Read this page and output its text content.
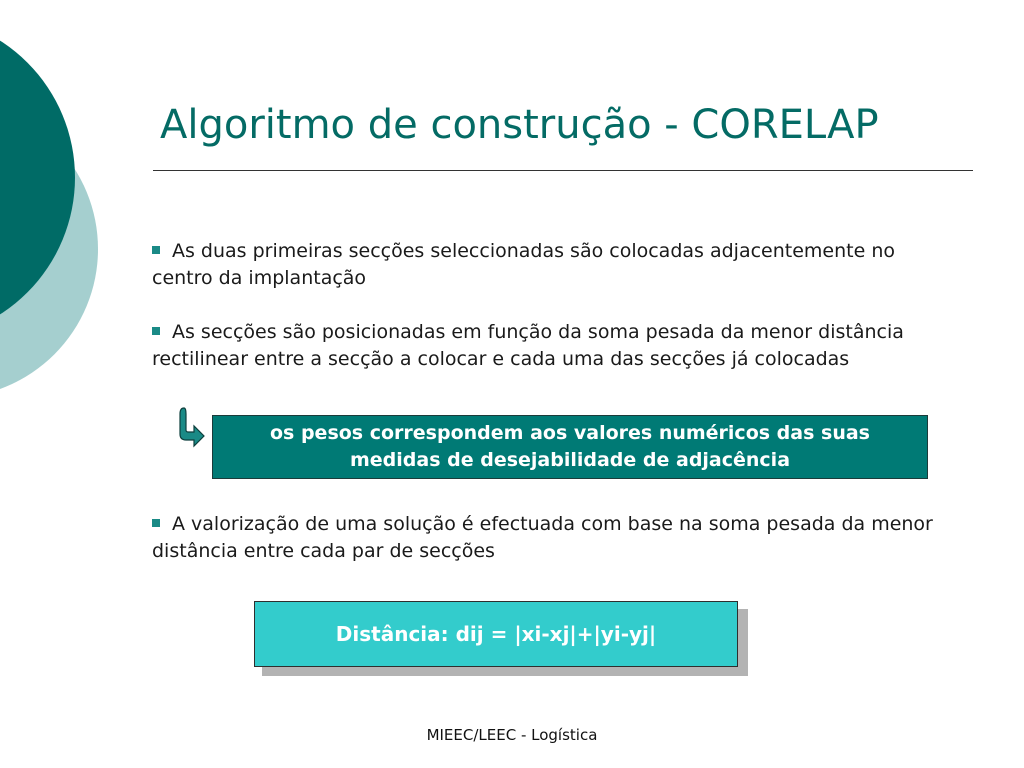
Algoritmo de construção - CORELAP
As duas primeiras secções seleccionadas são colocadas adjacentemente no centro da implantação
As secções são posicionadas em função da soma pesada da menor distância rectilinear entre a secção a colocar e cada uma das secções já colocadas
os pesos correspondem aos valores numéricos das suas medidas de desejabilidade de adjacência
A valorização de uma solução é efectuada com base na soma pesada da menor distância entre cada par de secções
Distância: dij = |xi-xj|+|yi-yj|
MIEEC/LEEC - Logística
